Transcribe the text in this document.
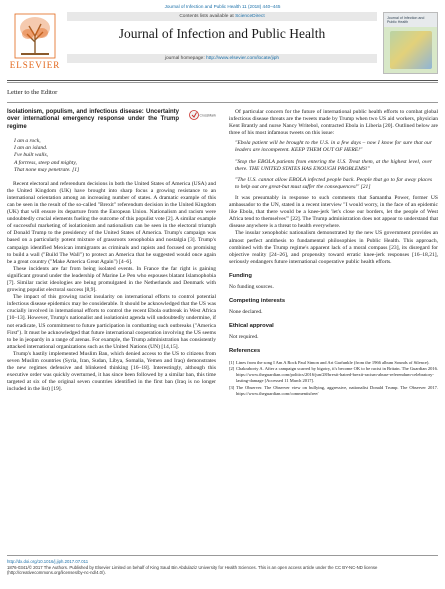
Journal of Infection and Public Health 11 (2018) 440–445
ELSEVIER
Contents lists available at ScienceDirect
Journal of Infection and Public Health
journal homepage: http://www.elsevier.com/locate/jiph
Journal of Infection and Public Health
Letter to the Editor
Isolationism, populism, and infectious disease: Uncertainty over international emergency response under the Trump regime
CrossMark
I am a rock,
I am an island.
I've built walls,
A fortress, steep and mighty,
That none may penetrate. [1]

Recent electoral and referendum decisions in both the United States of America (USA) and the United Kingdom (UK) have brought into sharp focus a growing resistance to an international orientation among an increasing number of states. A dramatic example of this can be seen in the result of the so-called "Brexit" referendum decision in the United Kingdom (UK) that will ensure its departure from the European Union. Nationalism and racism were undoubtedly crucial elements fueling the outcome of this populist vote [2]. A similar example of successful marketing of isolationism and nationalism can be seen in the electoral triumph of Donald Trump to the presidency of the United States of America. Trump's campaign was based on a particularly potent mixture of grassroots xenophobia and nostalgia [3]. Trump's campaign identified Mexican immigrants as criminals and rapists and focused on promising to build a wall ("Build The Wall") to protect an America that he suggested would once again be a great country ("Make America Great Again") [4–6].

These incidents are far from being isolated events. In France the far right is gaining significant ground under the leadership of Marine Le Pen who espouses blatant Islamophobia [7]. Similar racist ideologies are being promulgated in the Netherlands and Denmark with growing populist electoral success [8,9].

The impact of this growing racist insularity on international efforts to control potential infectious disease epidemics may be considerable. It should be acknowledged that the US was crucially involved in international efforts to control the recent Ebola outbreak in West Africa [10–13]. However, Trump's nationalist and isolationist agenda will undoubtedly undermine, if not eradicate, US commitment to future participation in combatting such outbreaks ("America First"). It must be acknowledged that future international cooperation involving the US seems to be in jeopardy in a range of arenas. For example, the Trump administration has consistently attacked international organizations such as the United Nations (UN) [14,15].

Trump's hastily implemented Muslim Ban, which denied access to the US to citizens from seven Muslim countries (Syria, Iran, Sudan, Libya, Somalia, Yemen and Iraq) demonstrates the new regimes defensive and blinkered thinking [16–18]. Interestingly, although this executive order was quickly overturned, it has since been followed by a similar ban, this time targeted at six of the original seven countries identified in the first ban (Iraq is no longer included in the list) [19].

Of particular concern for the future of international public health efforts to combat global infectious disease threats are the tweets made by Trump when two US aid workers, physician Kent Brantly and nurse Nancy Writebol, contracted Ebola in Liberia [20]. Outlined below are three of his most infamous tweets on this issue:

"Ebola patient will be brought to the U.S. in a few days – now I know for sure that our leaders are incompetent. KEEP THEM OUT OF HERE!"

"Stop the EBOLA patients from entering the U.S. Treat them, at the highest level, over there. THE UNITED STATES HAS ENOUGH PROBLEMS!"

"The U.S. cannot allow EBOLA infected people back. People that go to far away places to help out are great-but must suffer the consequences!" [21]

It was presumably in response to such comments that Samantha Power, former US ambassador to the UN, stated in a recent interview "I would worry, in the face of an epidemic like Ebola, that there would be a knee-jerk 'let's close our borders, let the people of West Africa tend to themselves'" [22]. The Trump administration does not appear to understand that disease anywhere is a threat to health everywhere.

The insular xenophobic nationalism demonstrated by the new US government provides an almost perfect antithesis to fundamental philosophies in Public Health. This approach, combined with the Trump regime's apparent lack of a moral compass [23], its disregard for objective reality [24–26], and propensity toward erratic knee-jerk responses [16–18,21], seriously endangers future international cooperative public health efforts.

Funding

No funding sources.

Competing interests

None declared.

Ethical approval

Not required.

References
[1] Lines from the song I Am A Rock Paul Simon and Art Garfunkle (from the 1966 album Sounds of Silence).
[2] Chakraborty A. After a campaign scarred by bigotry, it's become OK to be racist in Britain. The Guardian 2016. https://www.theguardian.com/politics/2016/jun/28/brexit-hatred-brexit-racism-abuse-referendum-celebratory-lasting-damage [Accessed 11 March 2017].
[3] The Observer. The Observer view on bullying, aggressive, nationalist Donald Trump. The Observer 2017. https://www.theguardian.com/commentisfree/
http://dx.doi.org/10.1016/j.jiph.2017.07.011
1876-0341/© 2017 The Authors. Published by Elsevier Limited on behalf of King Saud Bin Abdulaziz University for Health Sciences. This is an open access article under the CC BY-NC-ND license (http://creativecommons.org/licenses/by-nc-nd/4.0/).
